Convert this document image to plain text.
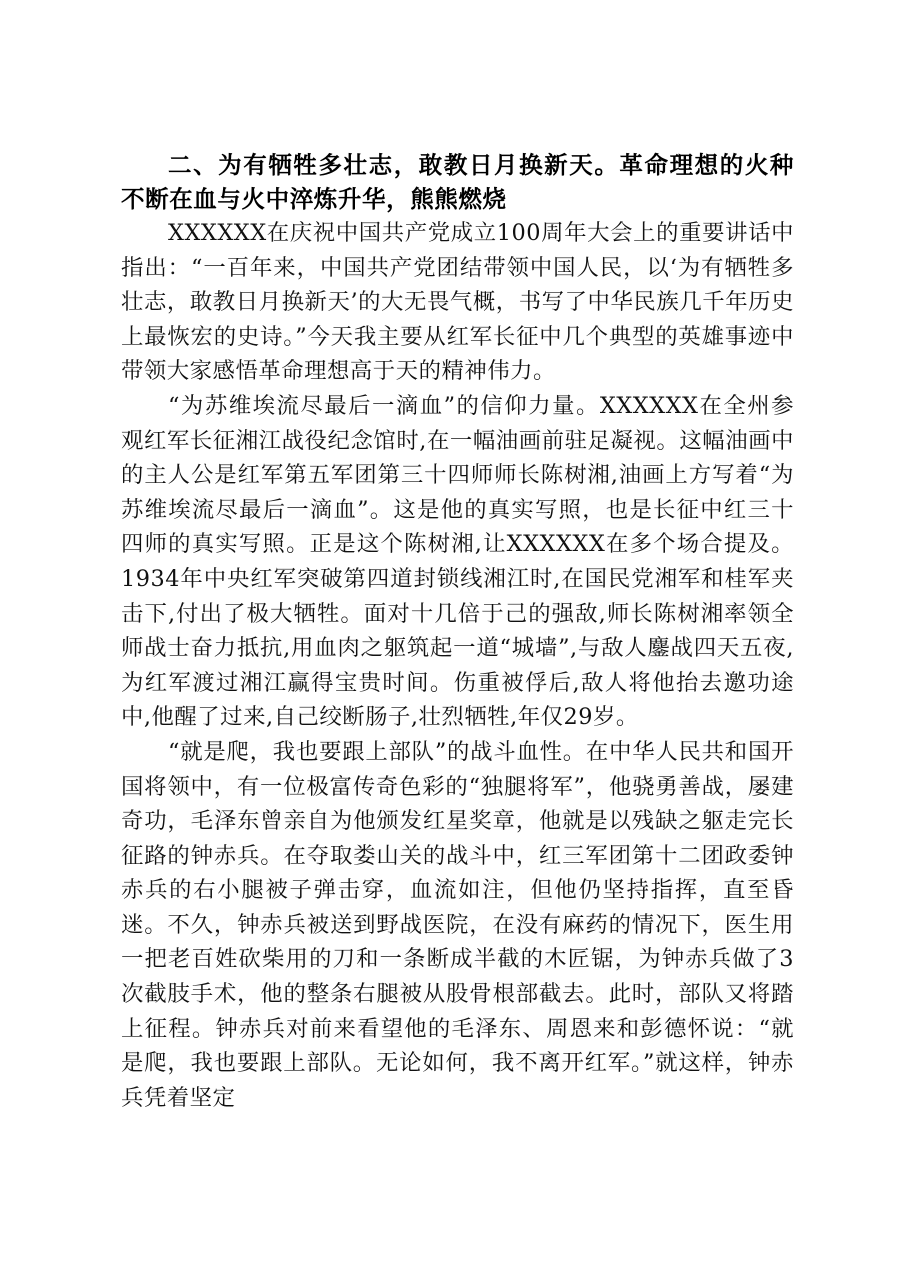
二、为有牺牲多壮志，敢教日月换新天。革命理想的火种不断在血与火中淬炼升华，熊熊燃烧

XXXXXX在庆祝中国共产党成立100周年大会上的重要讲话中指出：“一百年来，中国共产党团结带领中国人民，以‘为有牺牲多壮志，敢教日月换新天’的大无畏气概，书写了中华民族几千年历史上最恢宏的史诗。”今天我主要从红军长征中几个典型的英雄事迹中带领大家感悟革命理想高于天的精神伟力。

“为苏维埃流尽最后一滴血”的信仰力量。XXXXXX在全州参观红军长征湘江战役纪念馆时,在一幅油画前驻足凝视。这幅油画中的主人公是红军第五军团第三十四师师长陈树湘,油画上方写着“为苏维埃流尽最后一滴血”。这是他的真实写照，也是长征中红三十四师的真实写照。正是这个陈树湘,让XXXXXX在多个场合提及。1934年中央红军突破第四道封锁线湘江时,在国民党湘军和桂军夹击下,付出了极大牺牲。面对十几倍于己的强敌,师长陈树湘率领全师战士奋力抵抗,用血肉之躯筑起一道“城墙”,与敌人鏖战四天五夜,为红军渡过湘江赢得宝贵时间。伤重被俘后,敌人将他抬去邀功途中,他醒了过来,自己绞断肠子,壮烈牺牲,年仅29岁。

“就是爬，我也要跟上部队”的战斗血性。在中华人民共和国开国将领中，有一位极富传奇色彩的“独腿将军”，他骁勇善战，屡建奇功，毛泽东曾亲自为他颁发红星奖章，他就是以残缺之躯走完长征路的钟赤兵。在夺取娄山关的战斗中，红三军团第十二团政委钟赤兵的右小腿被子弹击穿，血流如注，但他仍坚持指挥，直至昏迷。不久，钟赤兵被送到野战医院，在没有麻药的情况下，医生用一把老百姓砍柴用的刀和一条断成半截的木匠锯，为钟赤兵做了3次截肢手术，他的整条右腿被从股骨根部截去。此时，部队又将踏上征程。钟赤兵对前来看望他的毛泽东、周恩来和彭德怀说：“就是爬，我也要跟上部队。无论如何，我不离开红军。”就这样，钟赤兵凭着坚定
